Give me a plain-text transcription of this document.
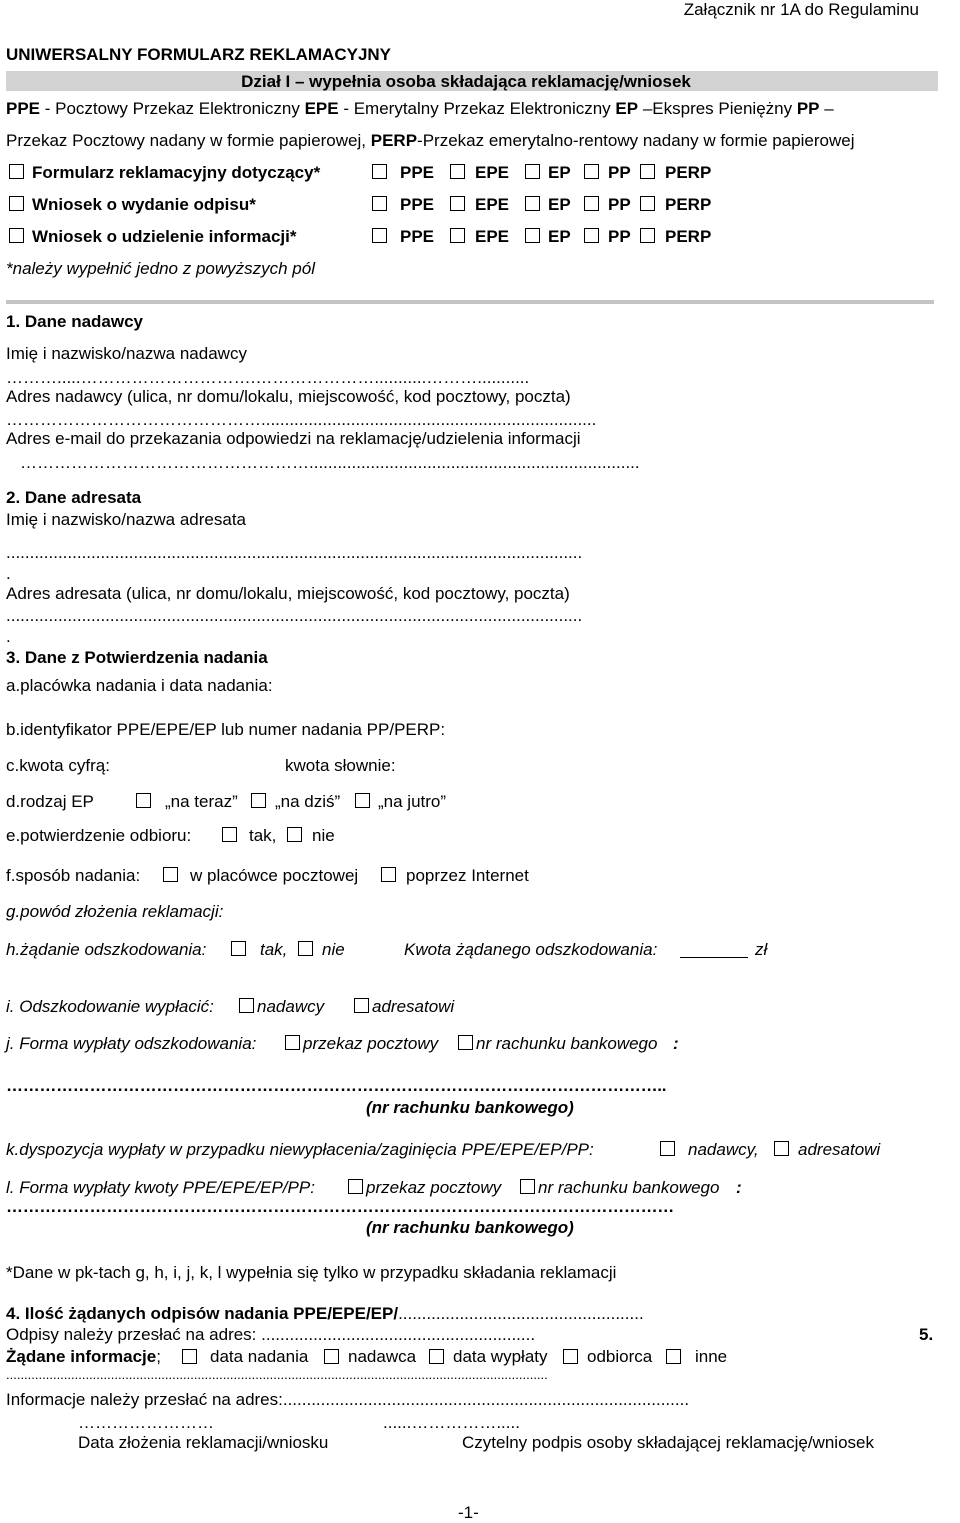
Załącznik nr 1A do Regulaminu
UNIWERSALNY FORMULARZ REKLAMACYJNY
Dział I – wypełnia osoba składająca reklamację/wniosek
PPE - Pocztowy Przekaz Elektroniczny EPE - Emerytalny Przekaz Elektroniczny EP –Ekspres Pieniężny PP –
Przekaz Pocztowy nadany w formie papierowej, PERP-Przekaz emerytalno-rentowy nadany w formie papierowej
Formularz reklamacyjny dotyczący*	PPE EPE EP PP PERP
Wniosek o wydanie odpisu*	PPE EPE EP PP PERP
Wniosek o udzielenie informacji*	PPE EPE EP PP PERP
*należy wypełnić jedno z powyższych pól
1. Dane nadawcy
Imię i nazwisko/nazwa nadawcy
……….....………………………….…………………...........………...........
Adres nadawcy (ulica, nr domu/lokalu, miejscowość, kod pocztowy, poczta)
……………………………………….......................................................................
Adres e-mail do przekazania odpowiedzi na reklamację/udzielenia informacji
……………………………………………......................................................................
2. Dane adresata
Imię i nazwisko/nazwa adresata
..........................................................................................................................
.
Adres adresata (ulica, nr domu/lokalu, miejscowość, kod pocztowy, poczta)
..........................................................................................................................
.
3. Dane z Potwierdzenia nadania
a.placówka nadania i data nadania:
b.identyfikator PPE/EPE/EP lub numer nadania PP/PERP:
c.kwota cyfrą:	kwota słownie:
d.rodzaj EP	„na teraz” „na dziś” „na jutro”
e.potwierdzenie odbioru:	tak, nie
f.sposób nadania:	w placówce pocztowej	poprzez Internet
g.powód złożenia reklamacji:
h.żądanie odszkodowania:	tak, nie	Kwota żądanego odszkodowania:	zł
i. Odszkodowanie wypłacić:	nadawcy	adresatowi
j. Forma wypłaty odszkodowania:	przekaz pocztowy nr rachunku bankowego :
………………………………………………………………………………………………………..
(nr rachunku bankowego)
k.dyspozycja wypłaty w przypadku niewypłacenia/zaginięcia PPE/EPE/EP/PP:	nadawcy, adresatowi
l. Forma wypłaty kwoty PPE/EPE/EP/PP:	przekaz pocztowy nr rachunku bankowego :
…………………………………………………………………………………………………………
(nr rachunku bankowego)
*Dane w pk-tach g, h, i, j, k, l wypełnia się tylko w przypadku składania reklamacji
4. Ilość żądanych odpisów nadania PPE/EPE/EP/....................................................
Odpisy należy przesłać na adres: ..........................................................	5.
Żądane informacje;	data nadania nadawca data wypłaty odbiorca	inne
......................................................................................................................................................
Informacje należy przesłać na adres:......................................................................................
……………………	......…………….....
Data złożenia reklamacji/wniosku	Czytelny podpis osoby składającej reklamację/wniosek
-1-
